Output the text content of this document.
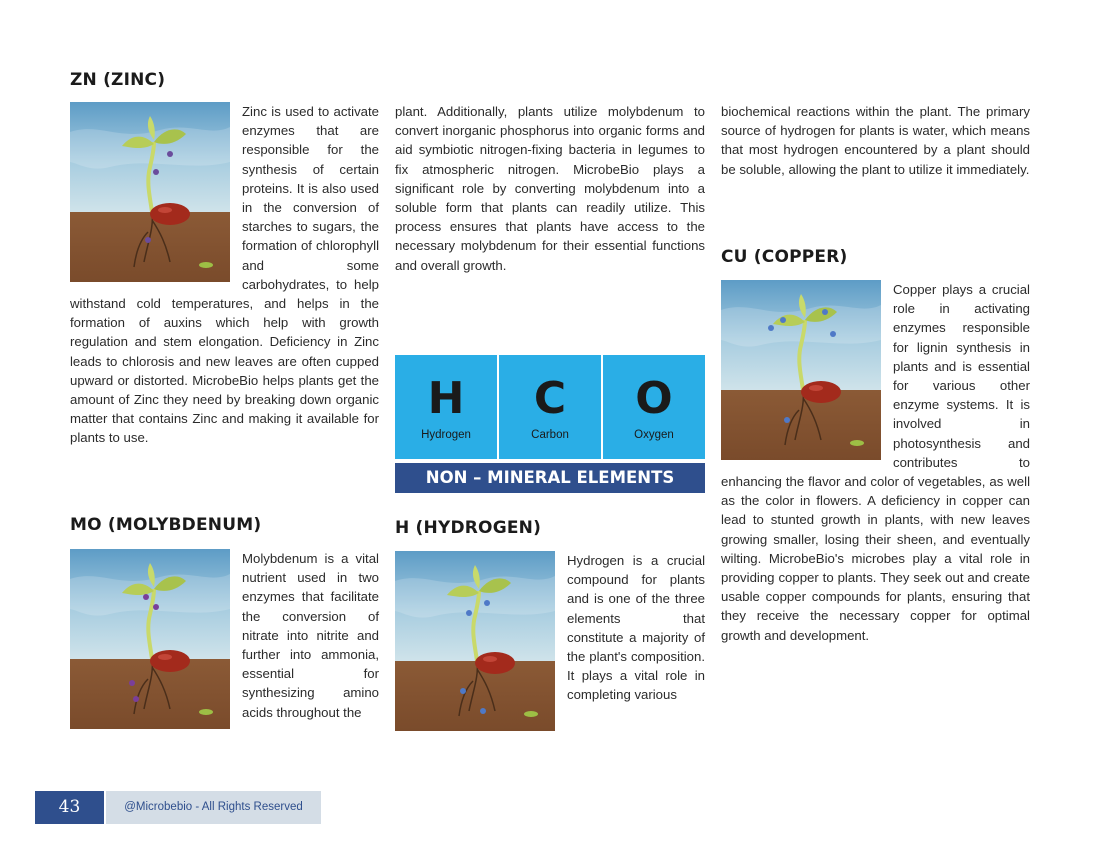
ZN (ZINC)

Zinc is used to activate enzymes that are responsible for the synthesis of certain proteins. It is also used in the conversion of starches to sugars, the formation of chlorophyll and some carbohydrates, to help withstand cold temperatures, and helps in the formation of auxins which help with growth regulation and stem elongation. Deficiency in Zinc leads to chlorosis and new leaves are often cupped upward or distorted. MicrobeBio helps plants get the amount of Zinc they need by breaking down organic matter that contains Zinc and making it available for plants to use.

MO (MOLYBDENUM)

Molybdenum is a vital nutrient used in two enzymes that facilitate the conversion of nitrate into nitrite and further into ammonia, essential for synthesizing amino acids throughout the

plant. Additionally, plants utilize molybdenum to convert inorganic phosphorus into organic forms and aid symbiotic nitrogen-fixing bacteria in legumes to fix atmospheric nitrogen. MicrobeBio plays a significant role by converting molybdenum into a soluble form that plants can readily utilize. This process ensures that plants have access to the necessary molybdenum for their essential functions and overall growth.

H
Hydrogen
C
Carbon
O
Oxygen
NON – MINERAL ELEMENTS
H (HYDROGEN)

Hydrogen is a crucial compound for plants and is one of the three elements that constitute a majority of the plant's composition. It plays a vital role in completing various

biochemical reactions within the plant. The primary source of hydrogen for plants is water, which means that most hydrogen encountered by a plant should be soluble, allowing the plant to utilize it immediately.

CU (COPPER)

Copper plays a crucial role in activating enzymes responsible for lignin synthesis in plants and is essential for various other enzyme systems. It is involved in photosynthesis and contributes to enhancing the flavor and color of vegetables, as well as the color in flowers. A deficiency in copper can lead to stunted growth in plants, with new leaves growing smaller, losing their sheen, and eventually wilting. MicrobeBio's microbes play a vital role in providing copper to plants. They seek out and create usable copper compounds for plants, ensuring that they receive the necessary copper for optimal growth and development.

43	@Microbebio - All Rights Reserved
